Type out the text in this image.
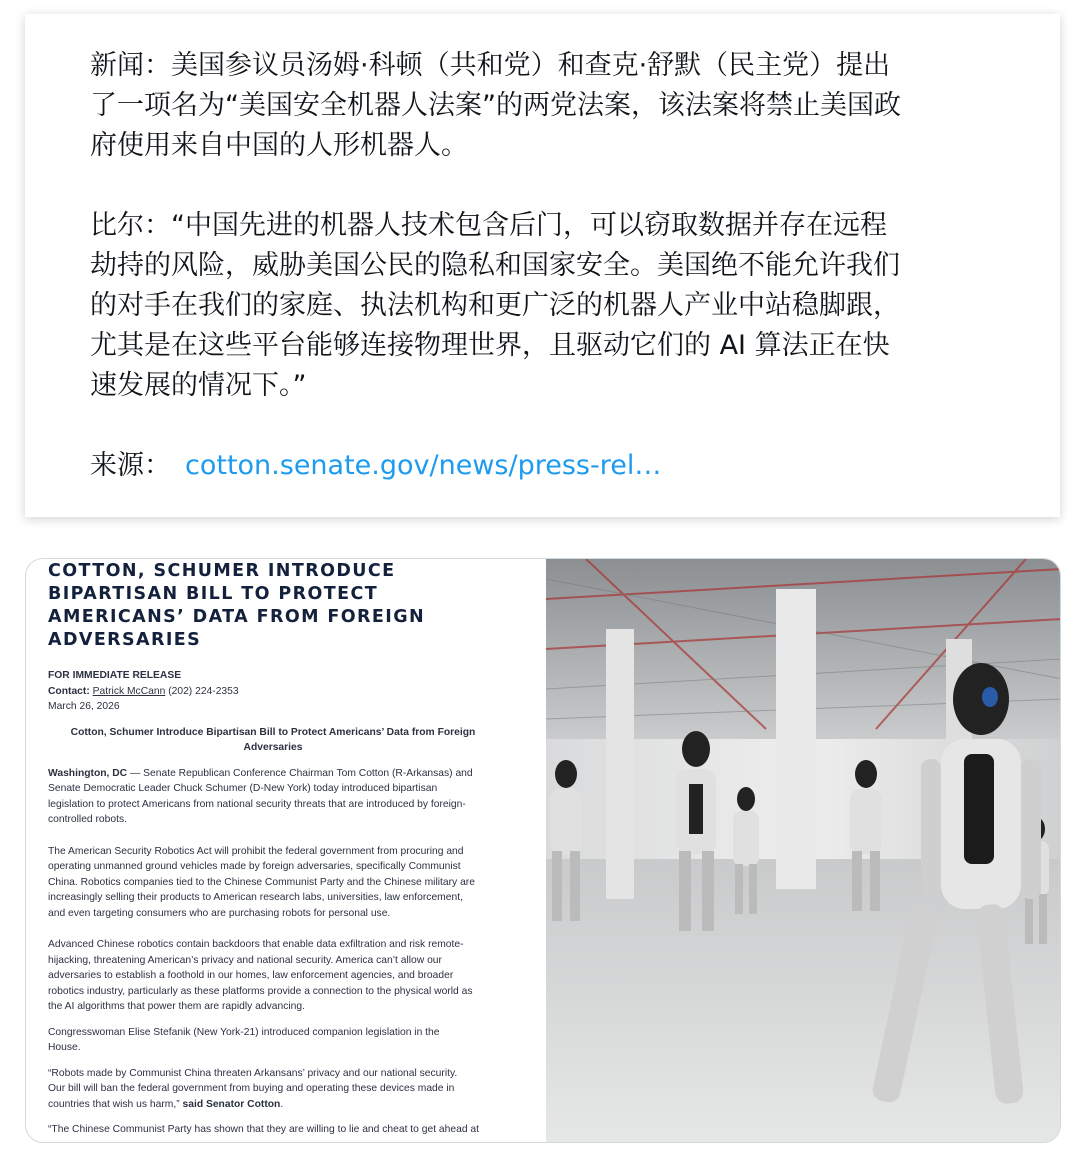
新闻：美国参议员汤姆·科顿（共和党）和查克·舒默（民主党）提出
了一项名为“美国安全机器人法案”的两党法案，该法案将禁止美国政
府使用来自中国的人形机器人。
比尔：“中国先进的机器人技术包含后门，可以窃取数据并存在远程
劫持的风险，威胁美国公民的隐私和国家安全。美国绝不能允许我们
的对手在我们的家庭、执法机构和更广泛的机器人产业中站稳脚跟，
尤其是在这些平台能够连接物理世界，且驱动它们的 AI 算法正在快
速发展的情况下。”
来源： cotton.senate.gov/news/press-rel…
COTTON, SCHUMER INTRODUCE
BIPARTISAN BILL TO PROTECT
AMERICANS’ DATA FROM FOREIGN
ADVERSARIES
FOR IMMEDIATE RELEASE
Contact: Patrick McCann (202) 224-2353
March 26, 2026
Cotton, Schumer Introduce Bipartisan Bill to Protect Americans’ Data from Foreign Adversaries

Washington, DC — Senate Republican Conference Chairman Tom Cotton (R-Arkansas) and
Senate Democratic Leader Chuck Schumer (D-New York) today introduced bipartisan
legislation to protect Americans from national security threats that are introduced by foreign-
controlled robots.

The American Security Robotics Act will prohibit the federal government from procuring and
operating unmanned ground vehicles made by foreign adversaries, specifically Communist
China. Robotics companies tied to the Chinese Communist Party and the Chinese military are
increasingly selling their products to American research labs, universities, law enforcement,
and even targeting consumers who are purchasing robots for personal use.

Advanced Chinese robotics contain backdoors that enable data exfiltration and risk remote-
hijacking, threatening American’s privacy and national security. America can’t allow our
adversaries to establish a foothold in our homes, law enforcement agencies, and broader
robotics industry, particularly as these platforms provide a connection to the physical world as
the AI algorithms that power them are rapidly advancing.

Congresswoman Elise Stefanik (New York-21) introduced companion legislation in the
House.

“Robots made by Communist China threaten Arkansans’ privacy and our national security.
Our bill will ban the federal government from buying and operating these devices made in
countries that wish us harm,” said Senator Cotton.

“The Chinese Communist Party has shown that they are willing to lie and cheat to get ahead at
